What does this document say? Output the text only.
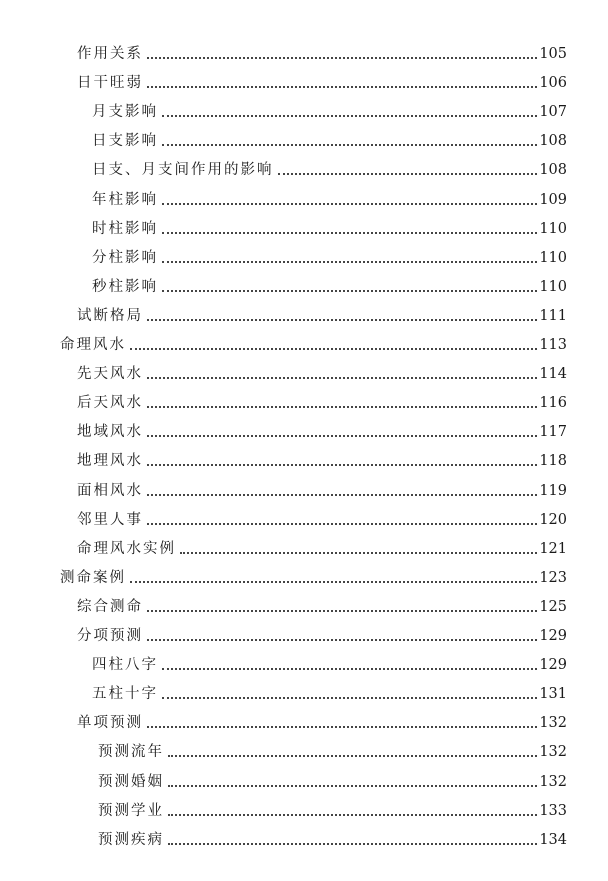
作用关系	105
日干旺弱	106
月支影响	107
日支影响	108
日支、月支间作用的影响	108
年柱影响	109
时柱影响	110
分柱影响	110
秒柱影响	110
试断格局	111
命理风水	113
先天风水	114
后天风水	116
地域风水	117
地理风水	118
面相风水	119
邻里人事	120
命理风水实例	121
测命案例	123
综合测命	125
分项预测	129
四柱八字	129
五柱十字	131
单项预测	132
预测流年	132
预测婚姻	132
预测学业	133
预测疾病	134
